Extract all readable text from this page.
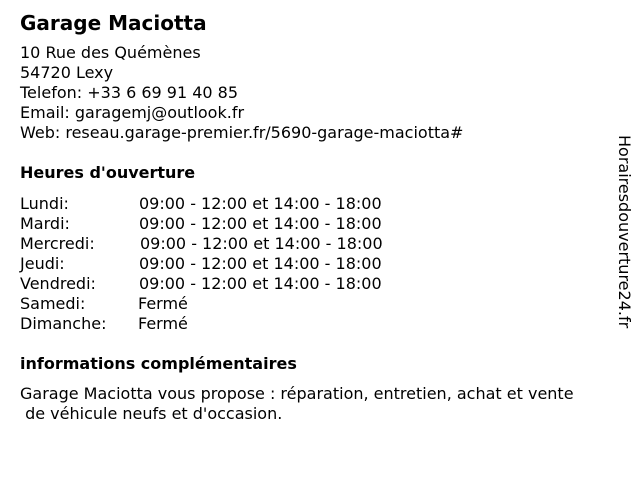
Garage Maciotta
10 Rue des Quémènes
54720 Lexy
Telefon: +33 6 69 91 40 85
Email: garagemj@outlook.fr
Web: reseau.garage-premier.fr/5690-garage-maciotta#
Heures d'ouverture
Lundi:	09:00 - 12:00 et 14:00 - 18:00
Mardi:	09:00 - 12:00 et 14:00 - 18:00
Mercredi:	09:00 - 12:00 et 14:00 - 18:00
Jeudi:	09:00 - 12:00 et 14:00 - 18:00
Vendredi:	09:00 - 12:00 et 14:00 - 18:00
Samedi:	Fermé
Dimanche: Fermé
informations complémentaires
Garage Maciotta vous propose : réparation, entretien, achat et vente
de véhicule neufs et d'occasion.
Horairesdouverture24.fr
